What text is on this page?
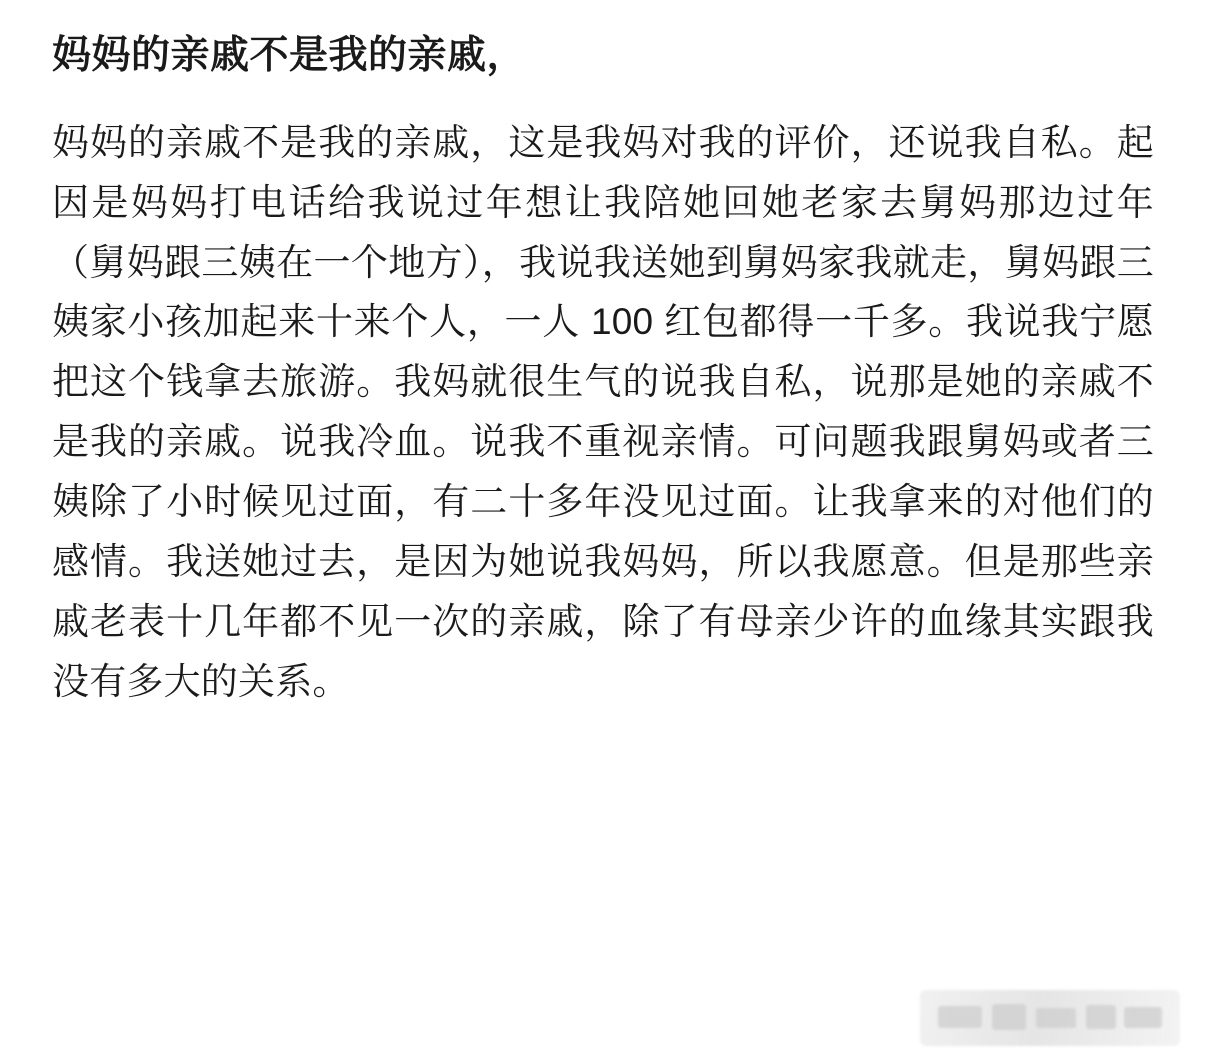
妈妈的亲戚不是我的亲戚，

妈妈的亲戚不是我的亲戚，这是我妈对我的评价，还说我自私。起因是妈妈打电话给我说过年想让我陪她回她老家去舅妈那边过年（舅妈跟三姨在一个地方），我说我送她到舅妈家我就走，舅妈跟三姨家小孩加起来十来个人，一人 100 红包都得一千多。我说我宁愿把这个钱拿去旅游。我妈就很生气的说我自私，说那是她的亲戚不是我的亲戚。说我冷血。说我不重视亲情。可问题我跟舅妈或者三姨除了小时候见过面，有二十多年没见过面。让我拿来的对他们的感情。我送她过去，是因为她说我妈妈，所以我愿意。但是那些亲戚老表十几年都不见一次的亲戚，除了有母亲少许的血缘其实跟我没有多大的关系。
